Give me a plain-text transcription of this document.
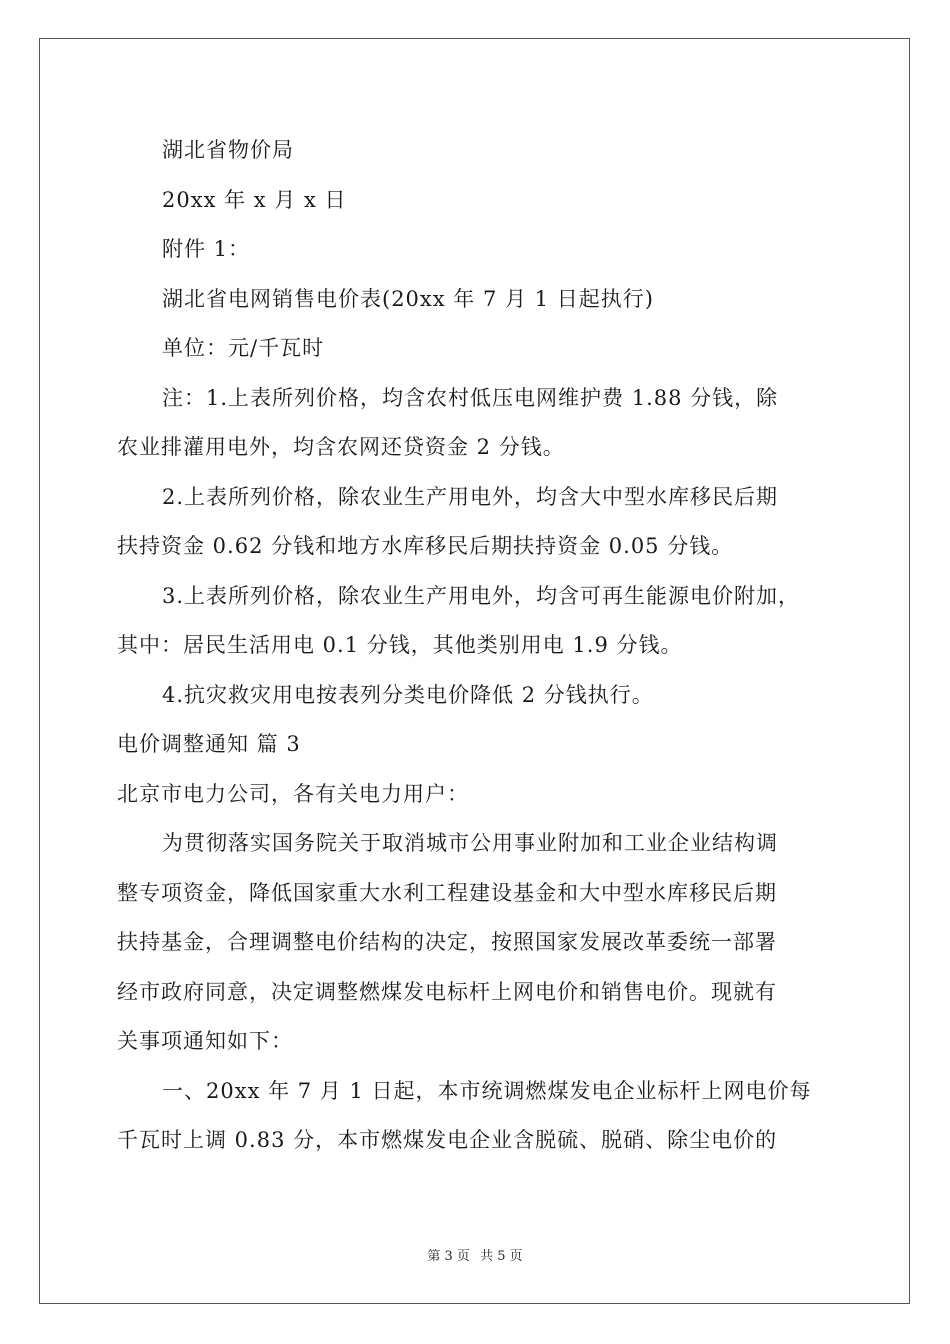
湖北省物价局

20xx 年 x 月 x 日

附件 1：

湖北省电网销售电价表(20xx 年 7 月 1 日起执行)

单位：元/千瓦时

注：1.上表所列价格，均含农村低压电网维护费 1.88 分钱，除

农业排灌用电外，均含农网还贷资金 2 分钱。

2.上表所列价格，除农业生产用电外，均含大中型水库移民后期

扶持资金 0.62 分钱和地方水库移民后期扶持资金 0.05 分钱。

3.上表所列价格，除农业生产用电外，均含可再生能源电价附加，

其中：居民生活用电 0.1 分钱，其他类别用电 1.9 分钱。

4.抗灾救灾用电按表列分类电价降低 2 分钱执行。

电价调整通知 篇 3

北京市电力公司，各有关电力用户：

为贯彻落实国务院关于取消城市公用事业附加和工业企业结构调

整专项资金，降低国家重大水利工程建设基金和大中型水库移民后期

扶持基金，合理调整电价结构的决定，按照国家发展改革委统一部署

经市政府同意，决定调整燃煤发电标杆上网电价和销售电价。现就有

关事项通知如下：

一、20xx 年 7 月 1 日起，本市统调燃煤发电企业标杆上网电价每

千瓦时上调 0.83 分，本市燃煤发电企业含脱硫、脱硝、除尘电价的

第 3 页 共 5 页
